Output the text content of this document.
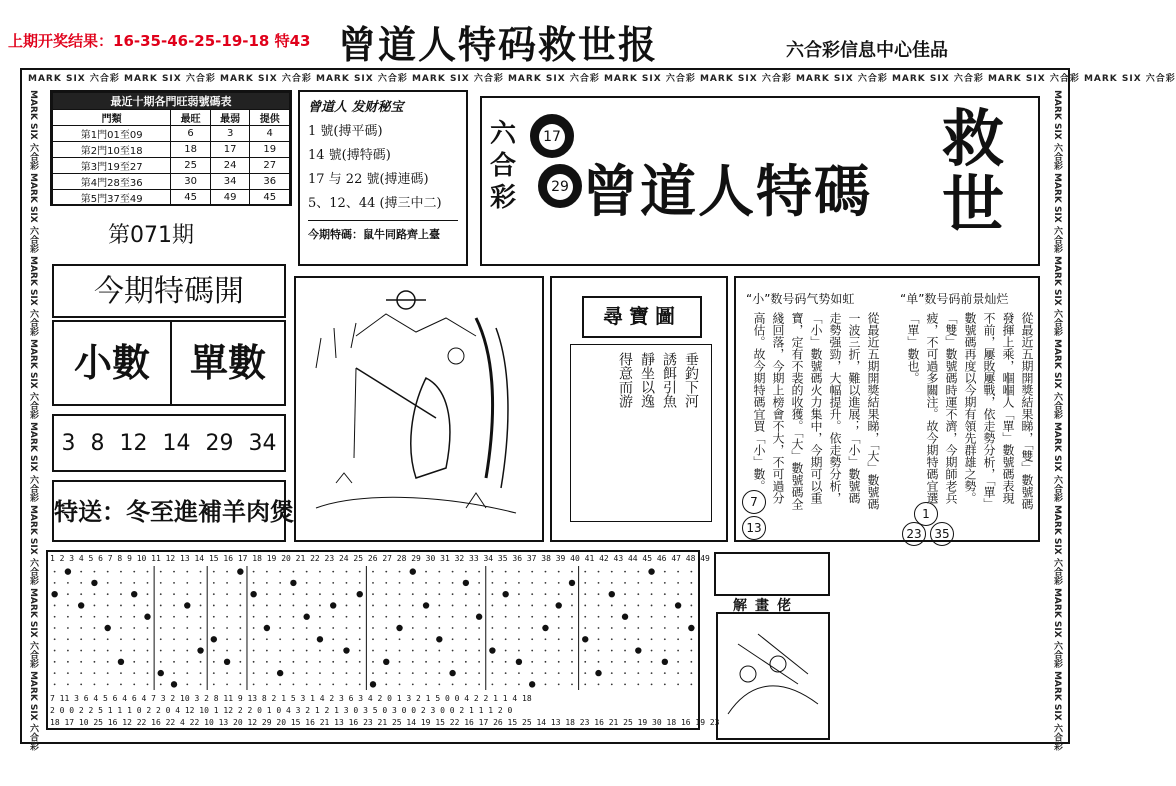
上期开奖结果：16-35-46-25-19-18 特43 曾道人特码救世报	六合彩信息中心佳品
MARK SIX 六合彩 MARK SIX 六合彩 MARK SIX 六合彩 MARK SIX 六合彩 MARK SIX 六合彩 MARK SIX 六合彩 MARK SIX 六合彩 MARK SIX 六合彩 MARK SIX 六合彩 MARK SIX 六合彩 MARK SIX 六合彩 MARK SIX 六合彩
MARK SIX 六合彩 MARK SIX 六合彩 MARK SIX 六合彩 MARK SIX 六合彩 MARK SIX 六合彩 MARK SIX 六合彩 MARK SIX 六合彩 MARK SIX 六合彩	MARK SIX 六合彩 MARK SIX 六合彩 MARK SIX 六合彩 MARK SIX 六合彩 MARK SIX 六合彩 MARK SIX 六合彩 MARK SIX 六合彩 MARK SIX 六合彩
最近十期各門旺弱號碼表			
門類	最旺	最弱	提供
第1門01至09	6	3	4
第2門10至18	18	17	19
第3門19至27	25	24	27
第4門28至36	30	34	36
第5門37至49	45	49	45
第071期
曾道人 发财秘宝
1 號(搏平碼)
14 號(搏特碼)
17 与 22 號(搏連碼)
5、12、44 (搏三中二)
今期特碼：鼠牛同路齊上臺
六合彩
17
29 曾道人特碼
救世
今期特碼開
小數	單數
3 8 12 14 29 34
特送：冬至進補羊肉煲
尋寶圖
垂釣下河
誘餌引魚
靜坐以逸
得意而游
“小”数号码气势如虹	“单”数号码前景灿烂
從最近五期開獎結果睇，「大」數號碼一波三折，難以進展；「小」數號碼走勢强勁，大幅提升。依走勢分析，「小」數號碼火力集中，今期可以重寶，定有不裴的收獲。「大」數號碼全綫回落，今期上榜會不大，不可過分高估。故今期特碼宜買「小」數。	從最近五期開獎結果睇，「雙」數號碼發揮上乘，嗰嗰人「單」數號碼表現不前，屢敗屢戰，依走勢分析，「單」數號碼再度以今期有領先群雄之勢。「雙」數號碼時運不濟，今期師老兵疲，不可過多關注。故今期特碼宜選「單」數也。
7
13
1
23	35
1 2 3 4 5 6 7 8 9 10 11 12 13 14 15 16 17 18 19 20 21 22 23 24 25 26 27 28 29 30 31 32 33 34 35 36 37 38 39 40 41 42 43 44 45 46 47 48 49
7 11 3 6 4 5 6 4 6 4 7 3 2 10 3 2 8 11 9 13 8 2 1 5 3 1 4 2 3 6 3 4 2 0 1 3 2 1 5 0 0 4 2 2 1 1 4 18
2 0 0 2 2 5 1 1 1 0 2 2 0 4 12 10 1 12 2 2 0 1 0 4 3 2 1 2 1 3 0 3 5 0 3 0 0 2 3 0 0 2 1 1 1 2 0
18 17 10 25 16 12 22 16 22 4 22 10 13 20 12 29 20 15 16 21 13 16 23 21 25 14 19 15 22 16 17 26 15 25 14 13 18 23 16 21 25 19 30 18 16 19 23
解畫佬
